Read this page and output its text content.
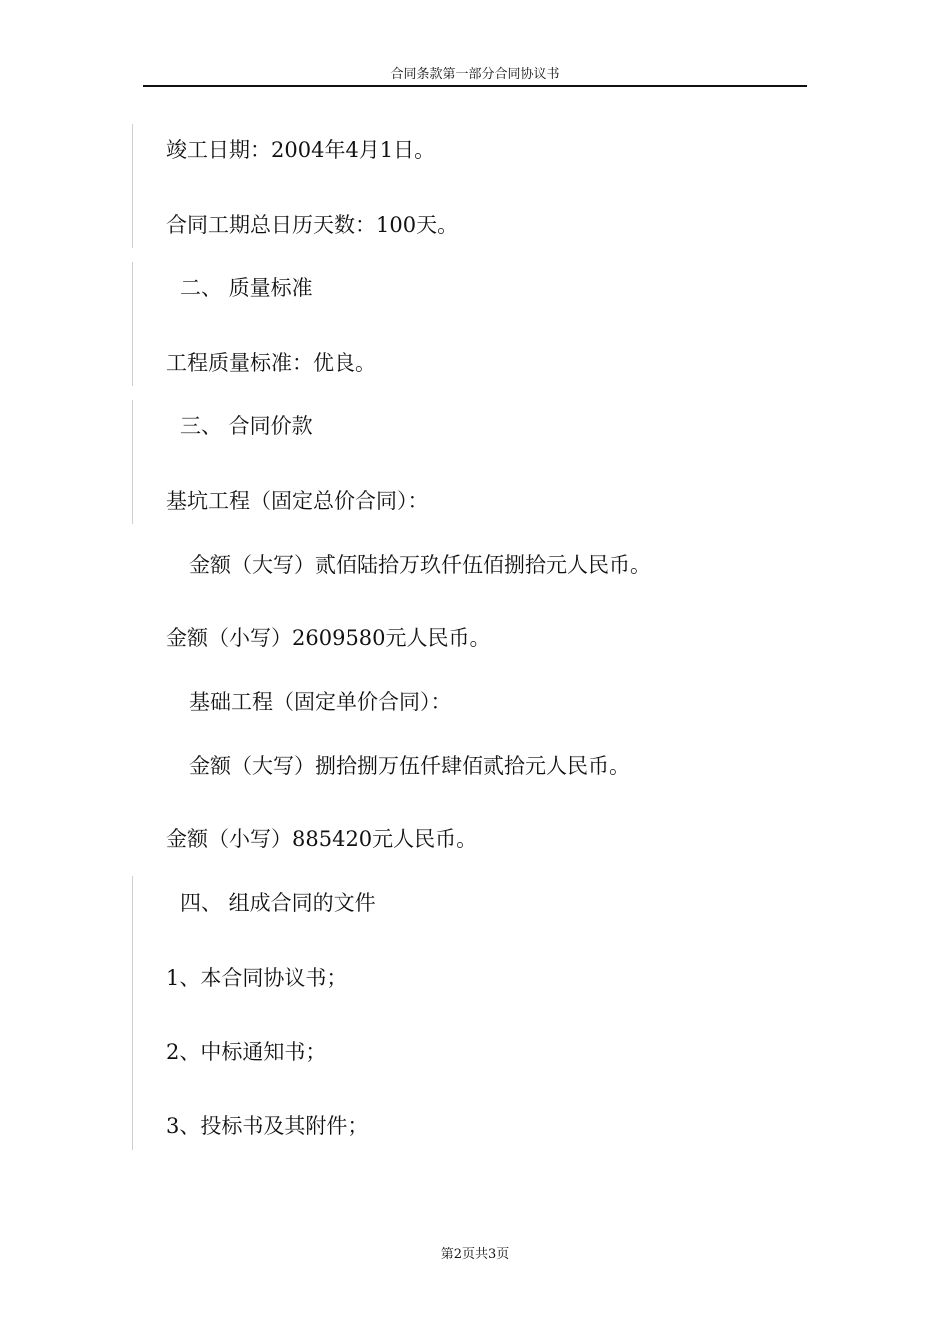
合同条款第一部分合同协议书
竣工日期：2004年4月1日。
合同工期总日历天数：100天。
二、 质量标准
工程质量标准：优良。
三、 合同价款
基坑工程（固定总价合同）：
金额（大写）贰佰陆拾万玖仟伍佰捌拾元人民币。
金额（小写）2609580元人民币。
基础工程（固定单价合同）：
金额（大写）捌拾捌万伍仟肆佰贰拾元人民币。
金额（小写）885420元人民币。
四、 组成合同的文件
1、本合同协议书；
2、中标通知书；
3、投标书及其附件；
第2页共3页
